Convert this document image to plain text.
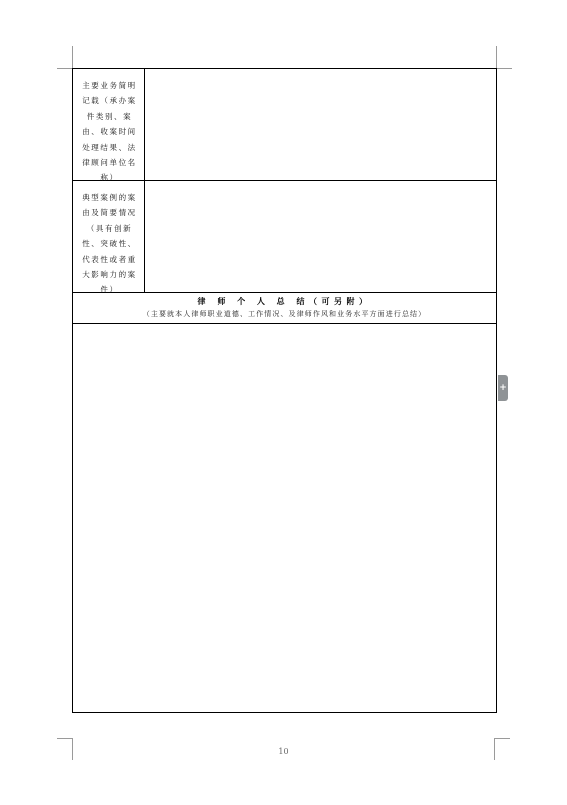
主要业务简明记载（承办案件类别、案由、收案时间处理结果、法律顾问单位名称）
典型案例的案由及简要情况（具有创新性、突破性、代表性或者重大影响力的案件）
律 师 个 人 总 结（可另附）
（主要就本人律师职业道德、工作情况、及律师作风和业务水平方面进行总结）
+
10
